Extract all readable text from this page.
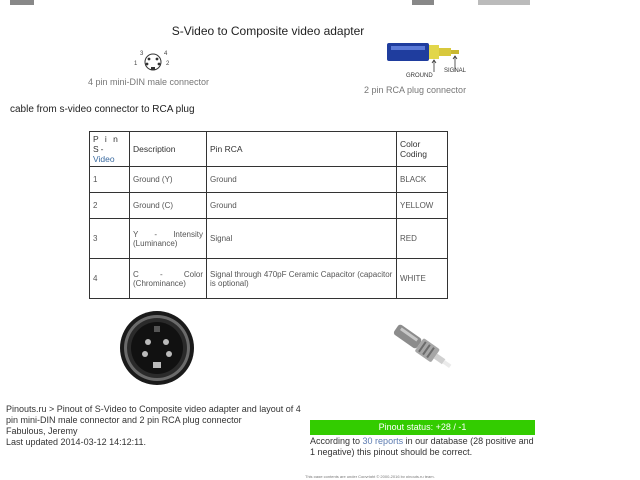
S-Video to Composite video adapter
3	4
1	2
4 pin mini-DIN male connector
GROUND
SIGNAL
2 pin RCA plug connector
cable from s-video connector to RCA plug
P i n S-
Video	Description	Pin RCA	Color Coding
1	Ground (Y)	Ground	BLACK
2	Ground (C)	Ground	YELLOW
3	Y - Intensity (Luminance)	Signal	RED
4	C - Color (Chrominance)	Signal through 470pF Ceramic Capacitor (capacitor is optional)	WHITE
Pinouts.ru > Pinout of S-Video to Composite video adapter and layout of 4 pin mini-DIN male connector and 2 pin RCA plug connector
Fabulous, Jeremy
Last updated 2014-03-12 14:12:11.
Pinout status: +28 / -1
According to 30 reports in our database (28 positive and 1 negative) this pinout should be correct.
This page contents are under Copyright © 2000-2016 by pinouts.ru team.
